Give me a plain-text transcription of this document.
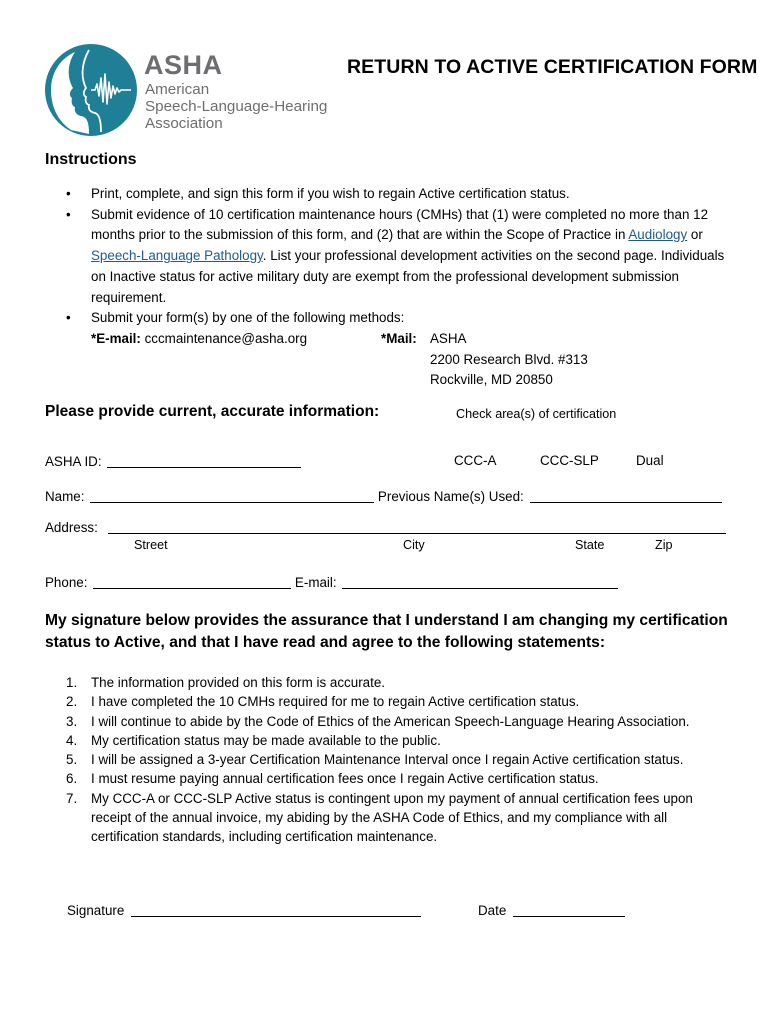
ASHA
American
Speech-Language-Hearing
Association
RETURN TO ACTIVE CERTIFICATION FORM
Instructions
• Print, complete, and sign this form if you wish to regain Active certification status.
• Submit evidence of 10 certification maintenance hours (CMHs) that (1) were completed no more than 12 months prior to the submission of this form, and (2) that are within the Scope of Practice in Audiology or Speech-Language Pathology. List your professional development activities on the second page. Individuals on Inactive status for active military duty are exempt from the professional development submission requirement.
• Submit your form(s) by one of the following methods:
*E-mail: cccmaintenance@asha.org	*Mail: ASHA
2200 Research Blvd. #313
Rockville, MD 20850
Please provide current, accurate information:	Check area(s) of certification
ASHA ID:	CCC-A	CCC-SLP	Dual
Name:	Previous Name(s) Used:
Address:
Street	City	State	Zip
Phone:	E-mail:
My signature below provides the assurance that I understand I am changing my certification status to Active, and that I have read and agree to the following statements:
1. The information provided on this form is accurate.
2. I have completed the 10 CMHs required for me to regain Active certification status.
3. I will continue to abide by the Code of Ethics of the American Speech-Language Hearing Association.
4. My certification status may be made available to the public.
5. I will be assigned a 3-year Certification Maintenance Interval once I regain Active certification status.
6. I must resume paying annual certification fees once I regain Active certification status.
7. My CCC-A or CCC-SLP Active status is contingent upon my payment of annual certification fees upon receipt of the annual invoice, my abiding by the ASHA Code of Ethics, and my compliance with all certification standards, including certification maintenance.
Signature	Date
